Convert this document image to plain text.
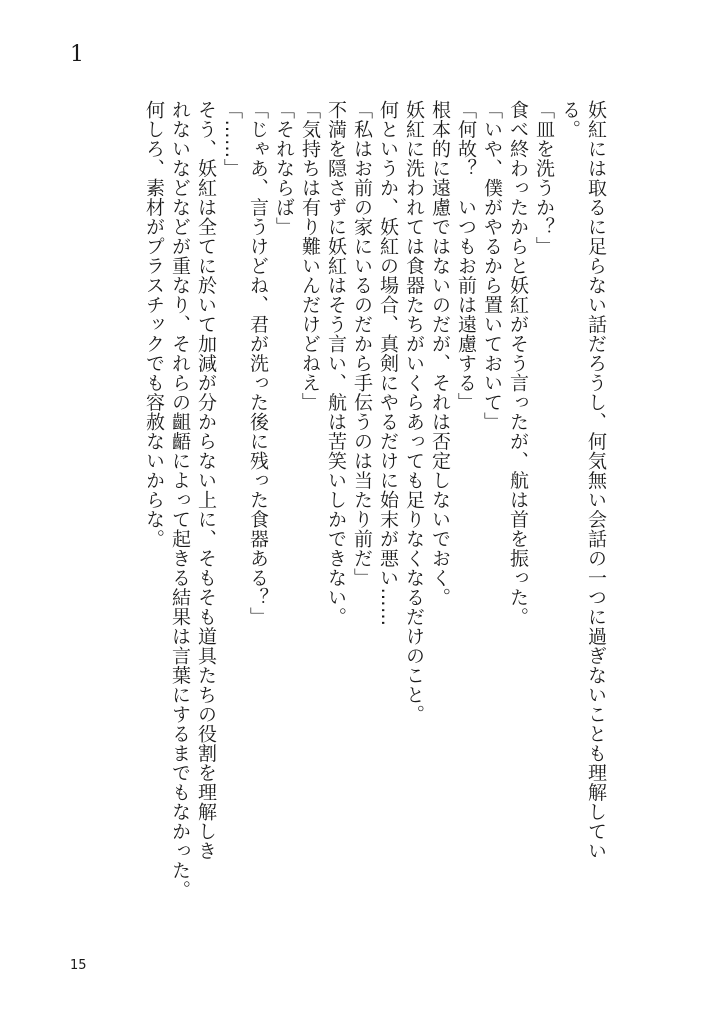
1

妖紅には取るに足らない話だろうし、何気無い会話の一つに過ぎないことも理解してい

る。

「皿を洗うか？」

食べ終わったからと妖紅がそう言ったが、航は首を振った。

「いや、僕がやるから置いておいて」

「何故？　いつもお前は遠慮する」

根本的に遠慮ではないのだが、それは否定しないでおく。

妖紅に洗われては食器たちがいくらあっても足りなくなるだけのこと。

何というか、妖紅の場合、真剣にやるだけに始末が悪い……

「私はお前の家にいるのだから手伝うのは当たり前だ」

不満を隠さずに妖紅はそう言い、航は苦笑いしかできない。

「気持ちは有り難いんだけどねえ」

「それならば」

「じゃあ、言うけどね、君が洗った後に残った食器ある？」

「……」

そう、妖紅は全てに於いて加減が分からない上に、そもそも道具たちの役割を理解しき

れないなどなどが重なり、それらの齟齬によって起きる結果は言葉にするまでもなかった。

何しろ、素材がプラスチックでも容赦ないからな。

15
